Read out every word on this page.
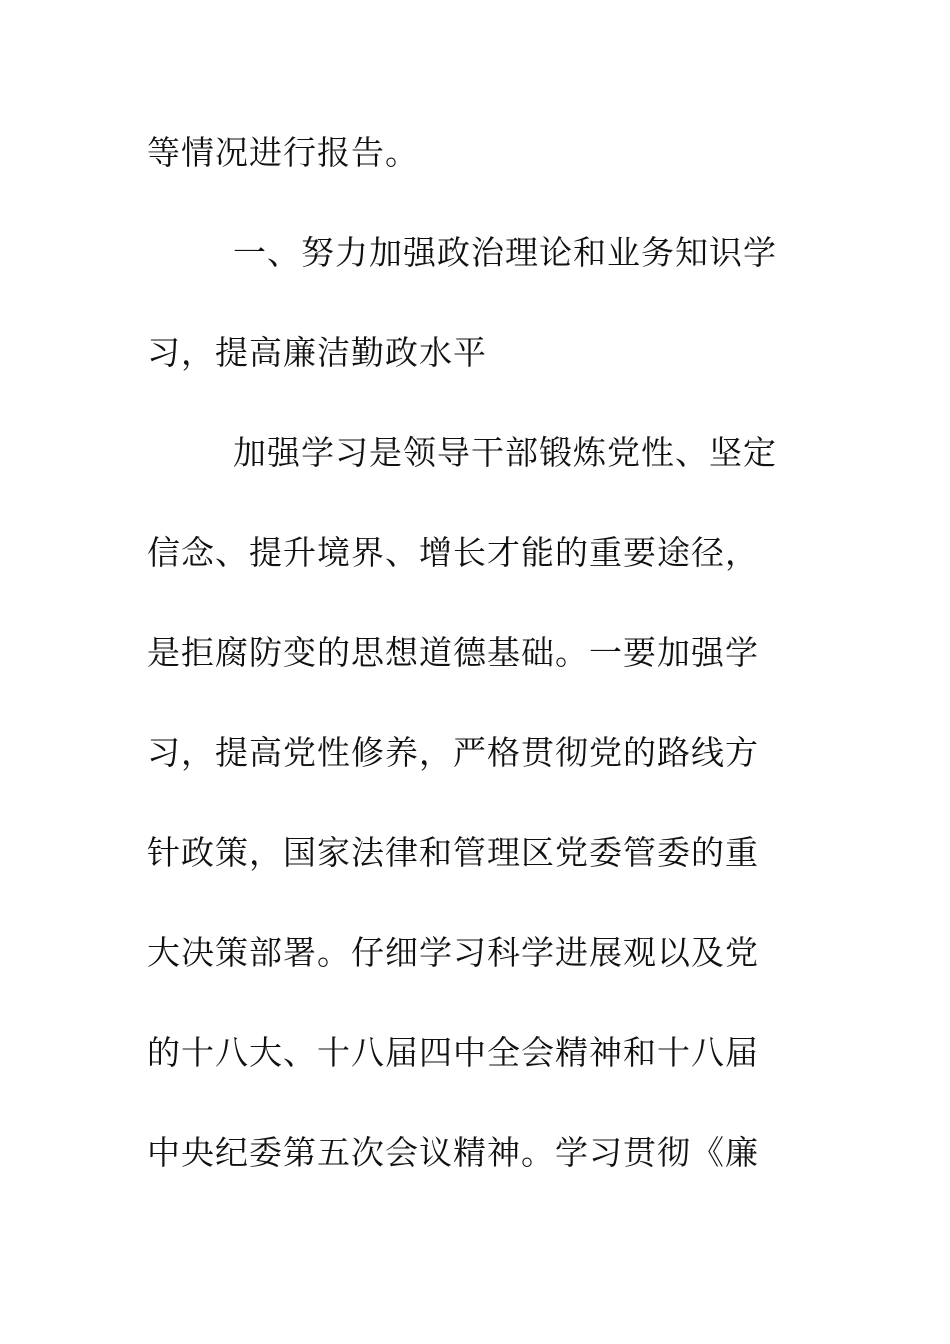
等情况进行报告。
一、努力加强政治理论和业务知识学
习，提高廉洁勤政水平
加强学习是领导干部锻炼党性、坚定
信念、提升境界、增长才能的重要途径，
是拒腐防变的思想道德基础。一要加强学
习，提高党性修养，严格贯彻党的路线方
针政策，国家法律和管理区党委管委的重
大决策部署。仔细学习科学进展观以及党
的十八大、十八届四中全会精神和十八届
中央纪委第五次会议精神。学习贯彻《廉
